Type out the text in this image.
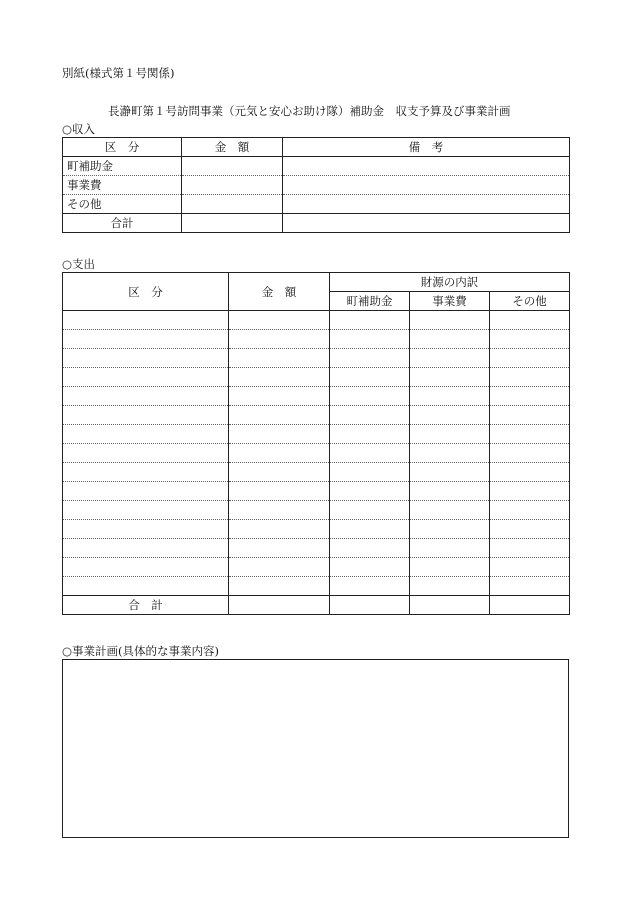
別紙(様式第１号関係)
長瀞町第１号訪問事業（元気と安心お助け隊）補助金　収支予算及び事業計画
○収入
区　分	金　額	備　考
町補助金		
事業費		
その他		
合計		
○支出
区　分	金　額	財源の内訳		
		町補助金	事業費	その他

合　計				
○事業計画(具体的な事業内容)
